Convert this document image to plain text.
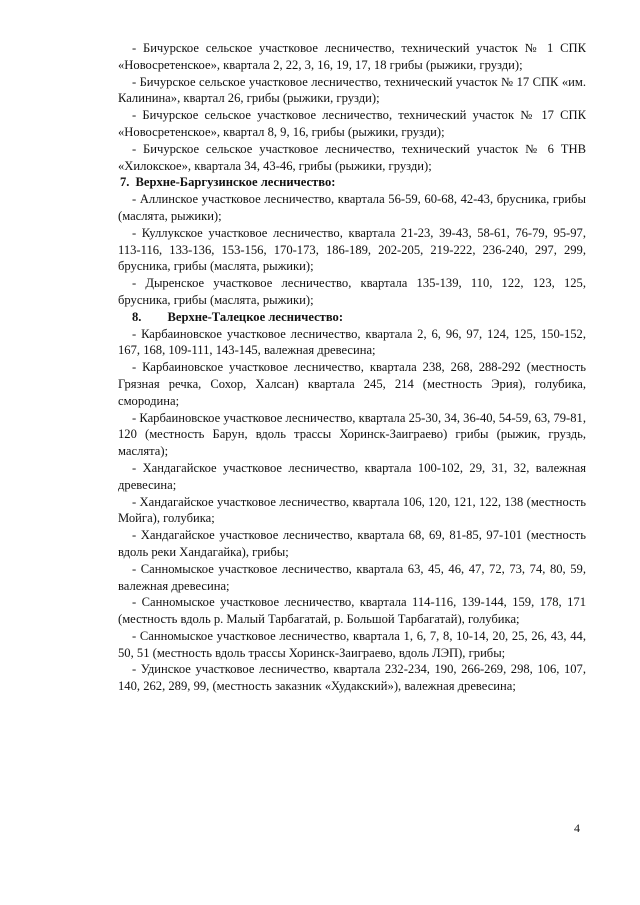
- Бичурское сельское участковое лесничество, технический участок № 1 СПК «Новосретенское», квартала 2, 22, 3, 16, 19, 17, 18 грибы (рыжики, грузди);

- Бичурское сельское участковое лесничество, технический участок № 17 СПК «им. Калинина», квартал 26, грибы (рыжики, грузди);

- Бичурское сельское участковое лесничество, технический участок № 17 СПК «Новосретенское», квартал 8, 9, 16, грибы (рыжики, грузди);

- Бичурское сельское участковое лесничество, технический участок № 6 ТНВ «Хилокское», квартала 34, 43-46, грибы (рыжики, грузди);

7. Верхне-Баргузинское лесничество:

- Аллинское участковое лесничество, квартала 56-59, 60-68, 42-43, брусника, грибы (маслята, рыжики);

- Куллукское участковое лесничество, квартала 21-23, 39-43, 58-61, 76-79, 95-97, 113-116, 133-136, 153-156, 170-173, 186-189, 202-205, 219-222, 236-240, 297, 299, брусника, грибы (маслята, рыжики);

- Дыренское участковое лесничество, квартала 135-139, 110, 122, 123, 125, брусника, грибы (маслята, рыжики);

8. Верхне-Талецкое лесничество:

- Карбаиновское участковое лесничество, квартала 2, 6, 96, 97, 124, 125, 150-152, 167, 168, 109-111, 143-145, валежная древесина;

- Карбаиновское участковое лесничество, квартала 238, 268, 288-292 (местность Грязная речка, Сохор, Халсан) квартала 245, 214 (местность Эрия), голубика, смородина;

- Карбаиновское участковое лесничество, квартала 25-30, 34, 36-40, 54-59, 63, 79-81, 120 (местность Барун, вдоль трассы Хоринск-Заиграево) грибы (рыжик, груздь, маслята);

- Хандагайское участковое лесничество, квартала 100-102, 29, 31, 32, валежная древесина;

- Хандагайское участковое лесничество, квартала 106, 120, 121, 122, 138 (местность Мойга), голубика;

- Хандагайское участковое лесничество, квартала 68, 69, 81-85, 97-101 (местность вдоль реки Хандагайка), грибы;

- Санномыское участковое лесничество, квартала 63, 45, 46, 47, 72, 73, 74, 80, 59, валежная древесина;

- Санномыское участковое лесничество, квартала 114-116, 139-144, 159, 178, 171 (местность вдоль р. Малый Тарбагатай, р. Большой Тарбагатай), голубика;

- Санномыское участковое лесничество, квартала 1, 6, 7, 8, 10-14, 20, 25, 26, 43, 44, 50, 51 (местность вдоль трассы Хоринск-Заиграево, вдоль ЛЭП), грибы;

- Удинское участковое лесничество, квартала 232-234, 190, 266-269, 298, 106, 107, 140, 262, 289, 99, (местность заказник «Худакский»), валежная древесина;

4
